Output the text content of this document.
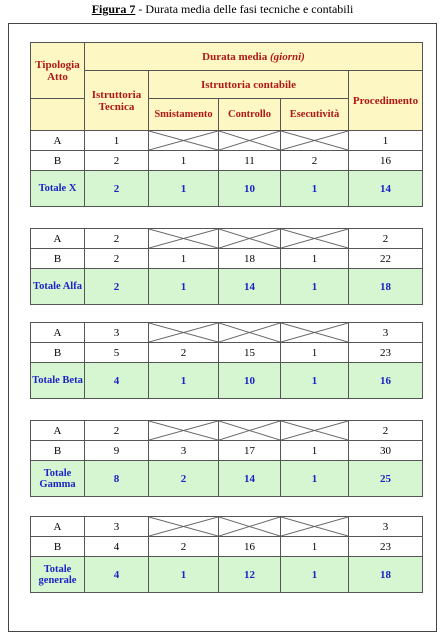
Figura 7 - Durata media delle fasi tecniche e contabili
Tipologia Atto	Durata media (giorni)				
	Istruttoria Tecnica	Istruttoria contabile			Procedimento
		Smistamento	Controllo	Esecutività	
A	1				1
B	2	1	11	2	16
Totale X	2	1	10	1	14
A	2				2
B	2	1	18	1	22
Totale Alfa	2	1	14	1	18
A	3				3
B	5	2	15	1	23
Totale Beta	4	1	10	1	16
A	2				2
B	9	3	17	1	30
Totale Gamma	8	2	14	1	25
A	3				3
B	4	2	16	1	23
Totale generale	4	1	12	1	18
